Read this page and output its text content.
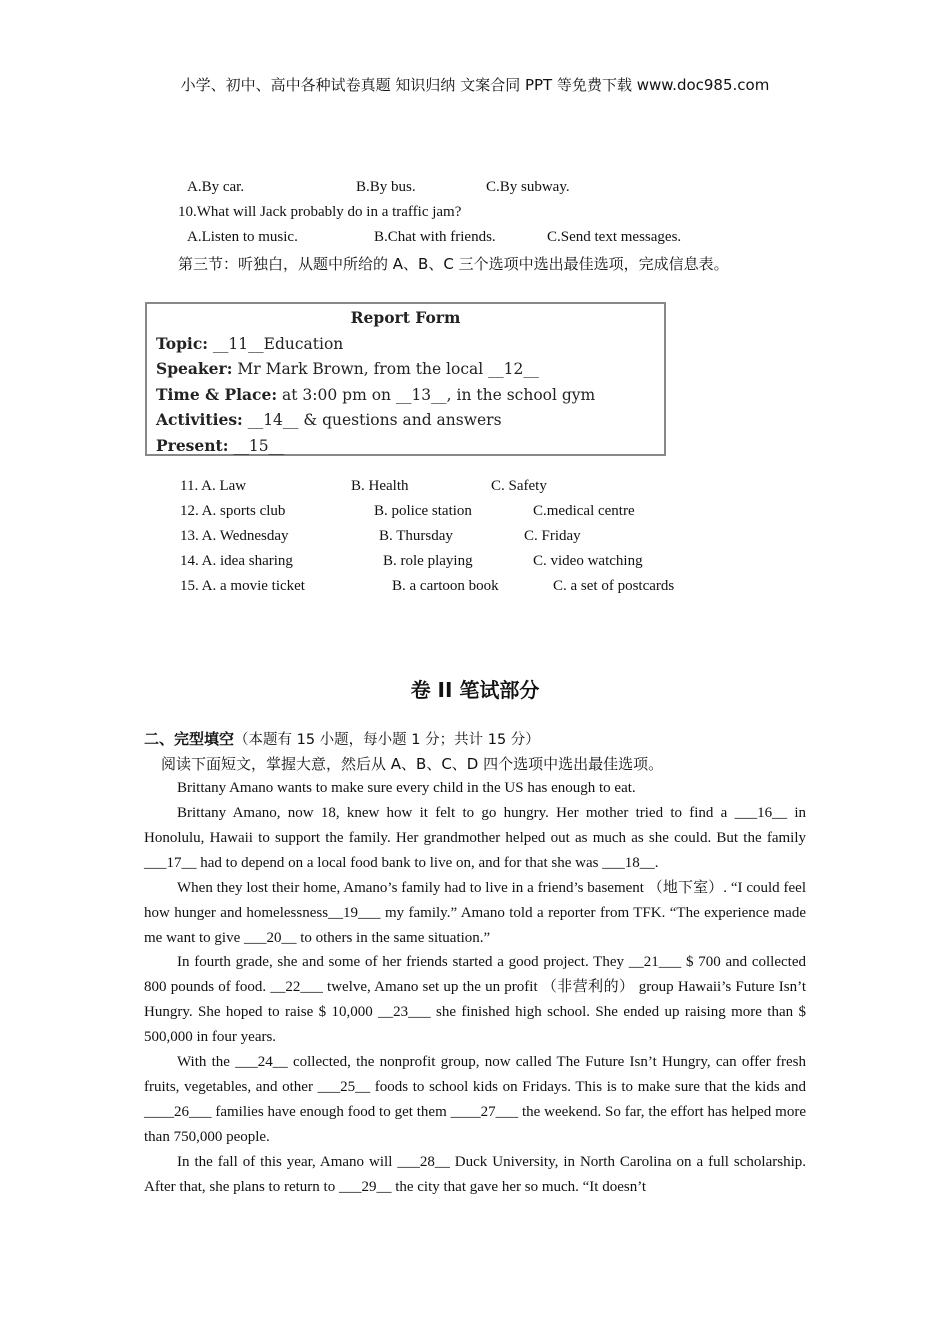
小学、初中、高中各种试卷真题 知识归纳 文案合同 PPT 等免费下载 www.doc985.com
A.By car.	B.By bus.	C.By subway.
10.What will Jack probably do in a traffic jam?
A.Listen to music.	B.Chat with friends.	C.Send text messages.
第三节：听独白，从题中所给的 A、B、C 三个选项中选出最佳选项，完成信息表。
Report Form
Topic: __11__Education
Speaker: Mr Mark Brown, from the local __12__
Time & Place: at 3:00 pm on __13__, in the school gym
Activities: __14__ & questions and answers
Present: __15__
11. A. Law	B. Health	C. Safety
12. A. sports club	B. police station	C.medical centre
13. A. Wednesday	B. Thursday	C. Friday
14. A. idea sharing	B. role playing	C. video watching
15. A. a movie ticket	B. a cartoon book	C. a set of postcards
卷 II 笔试部分
二、完型填空（本题有 15 小题，每小题 1 分；共计 15 分）
阅读下面短文，掌握大意，然后从 A、B、C、D 四个选项中选出最佳选项。
Brittany Amano wants to make sure every child in the US has enough to eat.
Brittany Amano, now 18, knew how it felt to go hungry. Her mother tried to find a ___16__ in Honolulu, Hawaii to support the family. Her grandmother helped out as much as she could. But the family ___17__ had to depend on a local food bank to live on, and for that she was ___18__.
When they lost their home, Amano’s family had to live in a friend’s basement （地下室）. “I could feel how hunger and homelessness__19___ my family.” Amano told a reporter from TFK. “The experience made me want to give ___20__ to others in the same situation.”
In fourth grade, she and some of her friends started a good project. They __21___ $ 700 and collected 800 pounds of food. __22___ twelve, Amano set up the un profit （非营利的） group Hawaii’s Future Isn’t Hungry. She hoped to raise $ 10,000 __23___ she finished high school. She ended up raising more than $ 500,000 in four years.
With the ___24__ collected, the nonprofit group, now called The Future Isn’t Hungry, can offer fresh fruits, vegetables, and other ___25__ foods to school kids on Fridays. This is to make sure that the kids and ____26___ families have enough food to get them ____27___ the weekend. So far, the effort has helped more than 750,000 people.
In the fall of this year, Amano will ___28__ Duck University, in North Carolina on a full scholarship. After that, she plans to return to ___29__ the city that gave her so much. “It doesn’t
